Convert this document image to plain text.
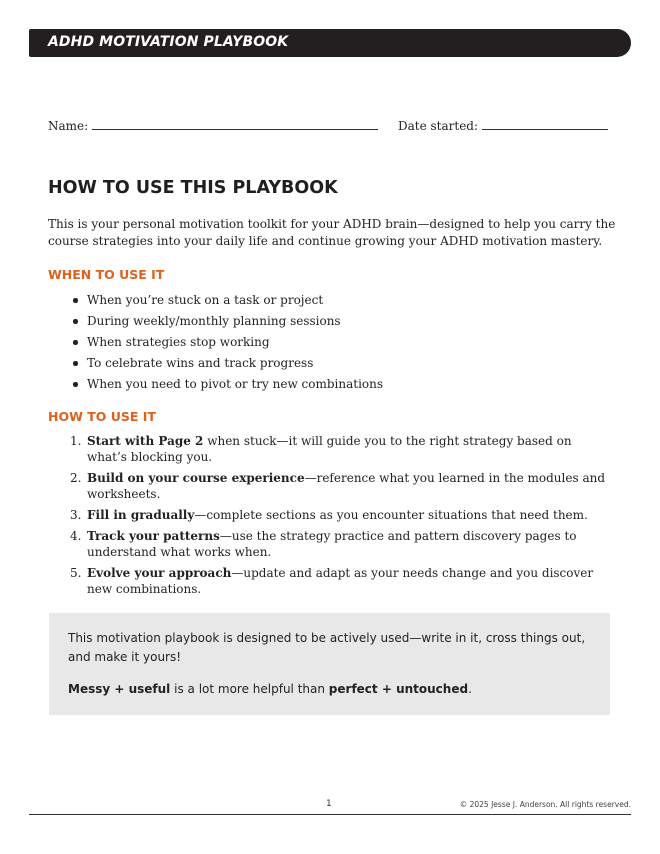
ADHD MOTIVATION PLAYBOOK
Name:	Date started:
HOW TO USE THIS PLAYBOOK

This is your personal motivation toolkit for your ADHD brain—designed to help you carry the course strategies into your daily life and continue growing your ADHD motivation mastery.

WHEN TO USE IT
When you’re stuck on a task or project
During weekly/monthly planning sessions
When strategies stop working
To celebrate wins and track progress
When you need to pivot or try new combinations
HOW TO USE IT
1. Start with Page 2 when stuck—it will guide you to the right strategy based on what’s blocking you.
2. Build on your course experience—reference what you learned in the modules and worksheets.
3. Fill in gradually—complete sections as you encounter situations that need them.
4. Track your patterns—use the strategy practice and pattern discovery pages to understand what works when.
5. Evolve your approach—update and adapt as your needs change and you discover new combinations.

This motivation playbook is designed to be actively used—write in it, cross things out, and make it yours!

Messy + useful is a lot more helpful than perfect + untouched.

1	© 2025 Jesse J. Anderson. All rights reserved.
